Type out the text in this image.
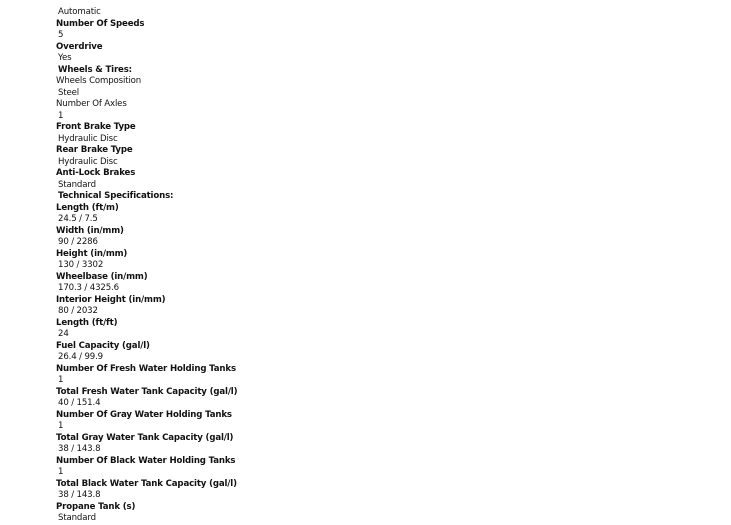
Automatic
Number Of Speeds
5
Overdrive
Yes
Wheels & Tires:
Wheels Composition
Steel
Number Of Axles
1
Front Brake Type
Hydraulic Disc
Rear Brake Type
Hydraulic Disc
Anti-Lock Brakes
Standard
Technical Specifications:
Length (ft/m)
24.5 / 7.5
Width (in/mm)
90 / 2286
Height (in/mm)
130 / 3302
Wheelbase (in/mm)
170.3 / 4325.6
Interior Height (in/mm)
80 / 2032
Length (ft/ft)
24
Fuel Capacity (gal/l)
26.4 / 99.9
Number Of Fresh Water Holding Tanks
1
Total Fresh Water Tank Capacity (gal/l)
40 / 151.4
Number Of Gray Water Holding Tanks
1
Total Gray Water Tank Capacity (gal/l)
38 / 143.8
Number Of Black Water Holding Tanks
1
Total Black Water Tank Capacity (gal/l)
38 / 143.8
Propane Tank (s)
Standard
